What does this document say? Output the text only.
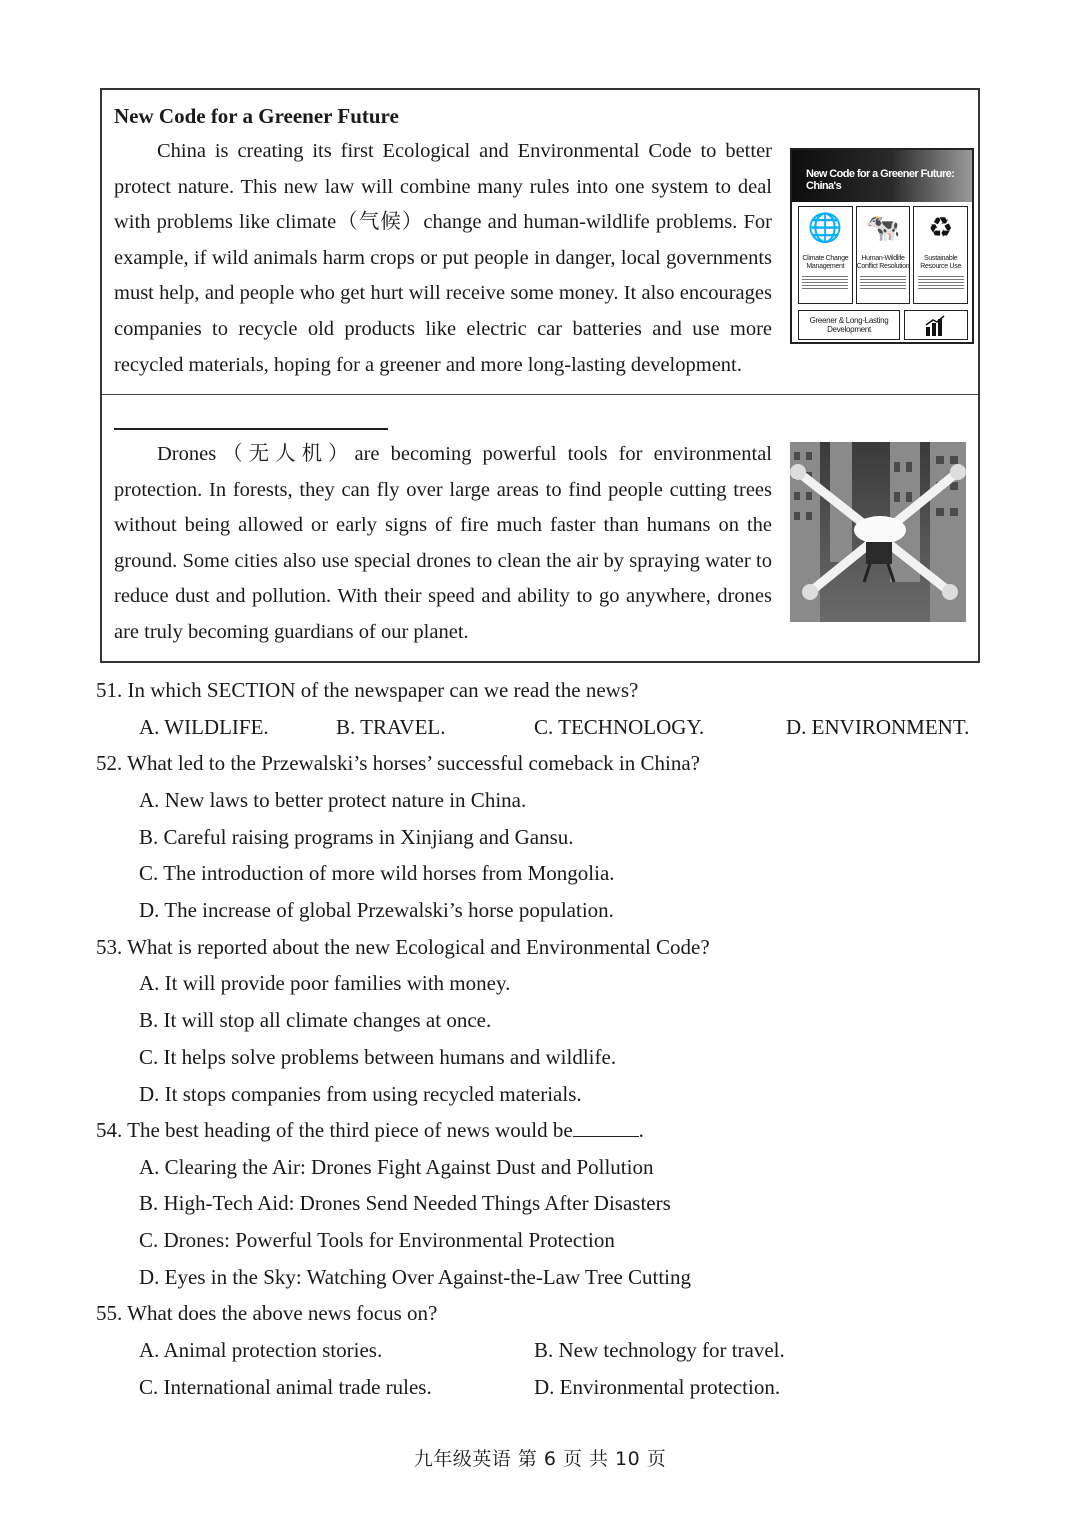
New Code for a Greener Future
China is creating its first Ecological and Environmental Code to better protect nature. This new law will combine many rules into one system to deal with problems like climate（气候）change and human-wildlife problems. For example, if wild animals harm crops or put people in danger, local governments must help, and people who get hurt will receive some money. It also encourages companies to recycle old products like electric car batteries and use more recycled materials, hoping for a greener and more long-lasting development.
New Code for a Greener Future: China's
🌐
Climate Change Management
🐄
Human-Wildlife Conflict Resolution
♻
Sustainable Resource Use
Greener & Long-Lasting Development
Drones（无人机）are becoming powerful tools for environmental protection. In forests, they can fly over large areas to find people cutting trees without being allowed or early signs of fire much faster than humans on the ground. Some cities also use special drones to clean the air by spraying water to reduce dust and pollution. With their speed and ability to go anywhere, drones are truly becoming guardians of our planet.
51. In which SECTION of the newspaper can we read the news?
A. WILDLIFE.	B. TRAVEL.	C. TECHNOLOGY.	D. ENVIRONMENT.
52. What led to the Przewalski’s horses’ successful comeback in China?
A. New laws to better protect nature in China.
B. Careful raising programs in Xinjiang and Gansu.
C. The introduction of more wild horses from Mongolia.
D. The increase of global Przewalski’s horse population.
53. What is reported about the new Ecological and Environmental Code?
A. It will provide poor families with money.
B. It will stop all climate changes at once.
C. It helps solve problems between humans and wildlife.
D. It stops companies from using recycled materials.
54. The best heading of the third piece of news would be	.
A. Clearing the Air: Drones Fight Against Dust and Pollution
B. High-Tech Aid: Drones Send Needed Things After Disasters
C. Drones: Powerful Tools for Environmental Protection
D. Eyes in the Sky: Watching Over Against-the-Law Tree Cutting
55. What does the above news focus on?
A. Animal protection stories.	B. New technology for travel.
C. International animal trade rules.	D. Environmental protection.
九年级英语 第 6 页 共 10 页
